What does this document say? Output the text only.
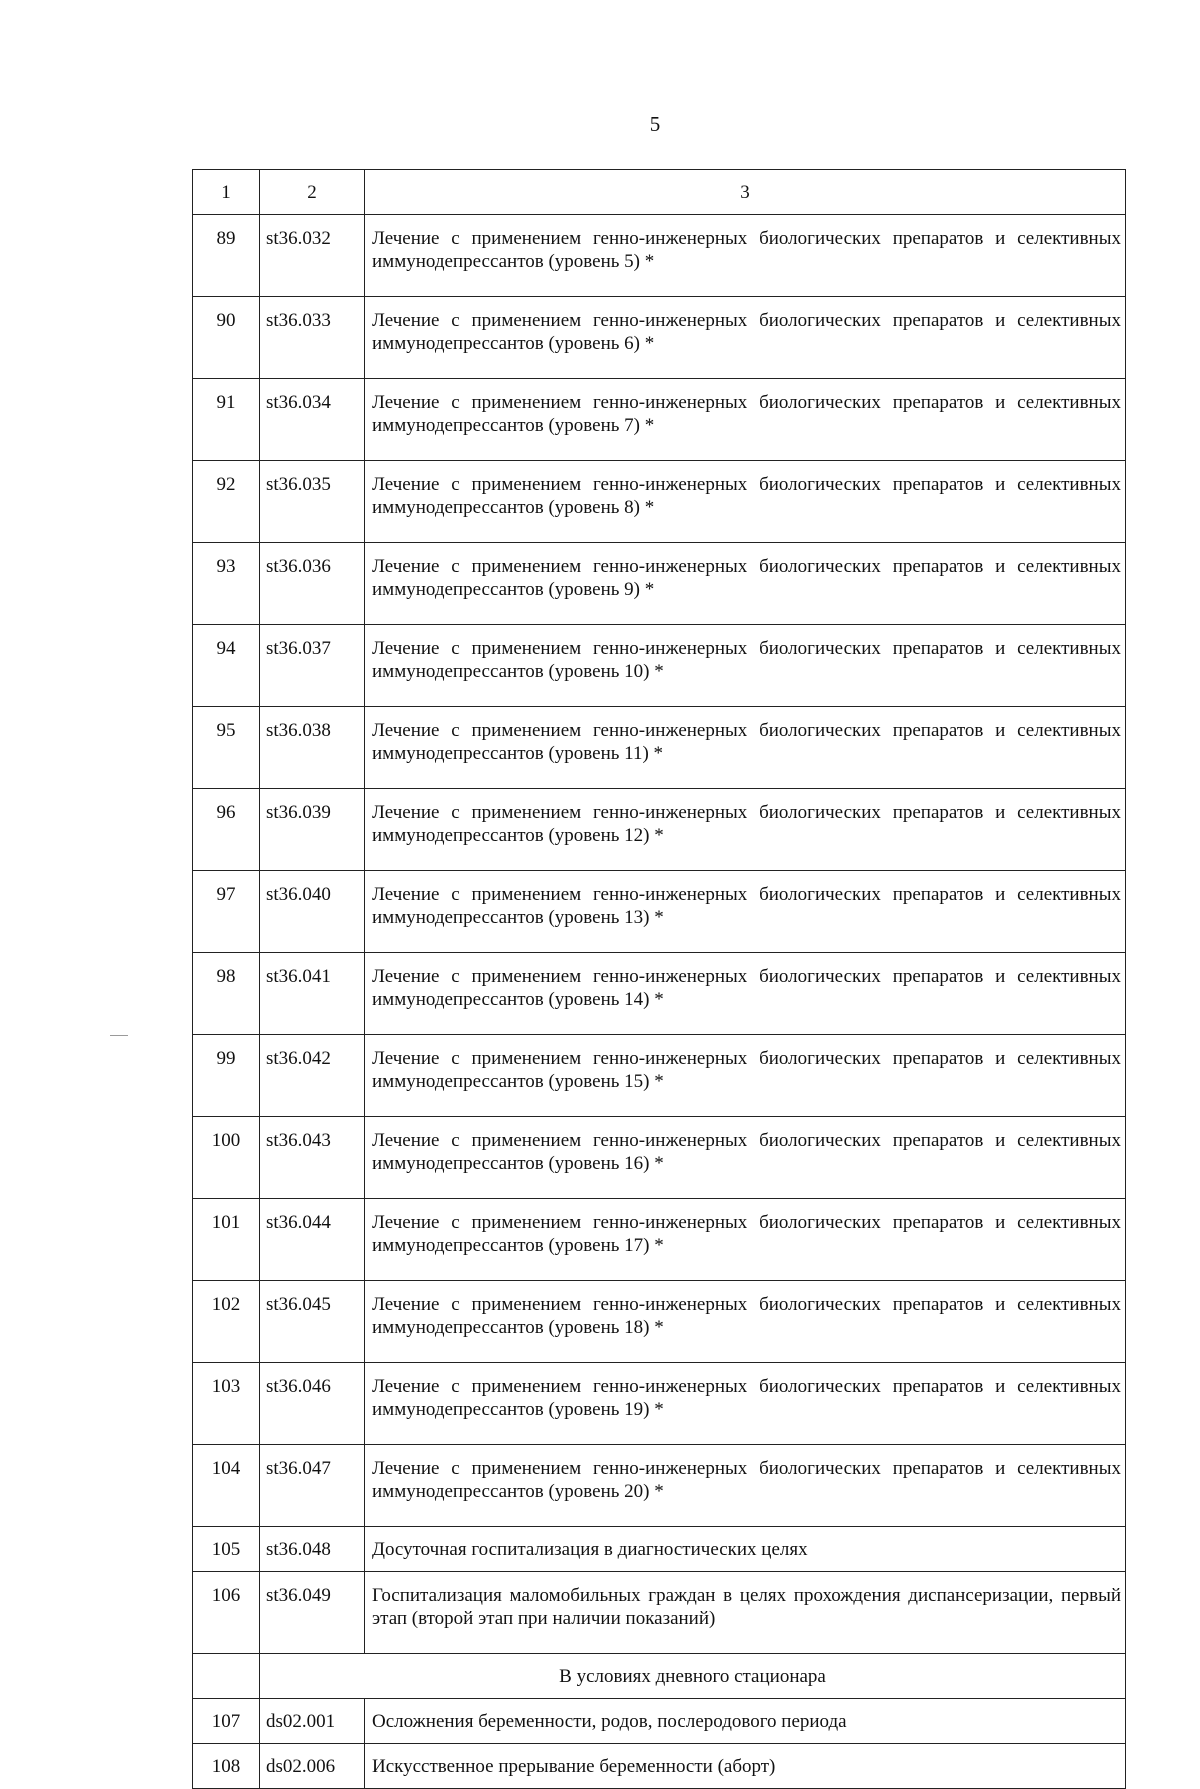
5
1	2	3
89	st36.032	Лечение с применением генно-инженерных биологических препаратов и селективных иммунодепрессантов (уровень 5) *
90	st36.033	Лечение с применением генно-инженерных биологических препаратов и селективных иммунодепрессантов (уровень 6) *
91	st36.034	Лечение с применением генно-инженерных биологических препаратов и селективных иммунодепрессантов (уровень 7) *
92	st36.035	Лечение с применением генно-инженерных биологических препаратов и селективных иммунодепрессантов (уровень 8) *
93	st36.036	Лечение с применением генно-инженерных биологических препаратов и селективных иммунодепрессантов (уровень 9) *
94	st36.037	Лечение с применением генно-инженерных биологических препаратов и селективных иммунодепрессантов (уровень 10) *
95	st36.038	Лечение с применением генно-инженерных биологических препаратов и селективных иммунодепрессантов (уровень 11) *
96	st36.039	Лечение с применением генно-инженерных биологических препаратов и селективных иммунодепрессантов (уровень 12) *
97	st36.040	Лечение с применением генно-инженерных биологических препаратов и селективных иммунодепрессантов (уровень 13) *
98	st36.041	Лечение с применением генно-инженерных биологических препаратов и селективных иммунодепрессантов (уровень 14) *
99	st36.042	Лечение с применением генно-инженерных биологических препаратов и селективных иммунодепрессантов (уровень 15) *
100	st36.043	Лечение с применением генно-инженерных биологических препаратов и селективных иммунодепрессантов (уровень 16) *
101	st36.044	Лечение с применением генно-инженерных биологических препаратов и селективных иммунодепрессантов (уровень 17) *
102	st36.045	Лечение с применением генно-инженерных биологических препаратов и селективных иммунодепрессантов (уровень 18) *
103	st36.046	Лечение с применением генно-инженерных биологических препаратов и селективных иммунодепрессантов (уровень 19) *
104	st36.047	Лечение с применением генно-инженерных биологических препаратов и селективных иммунодепрессантов (уровень 20) *
105	st36.048	Досуточная госпитализация в диагностических целях
106	st36.049	Госпитализация маломобильных граждан в целях прохождения диспансеризации, первый этап (второй этап при наличии показаний)
	В условиях дневного стационара	
107	ds02.001	Осложнения беременности, родов, послеродового периода
108	ds02.006	Искусственное прерывание беременности (аборт)
